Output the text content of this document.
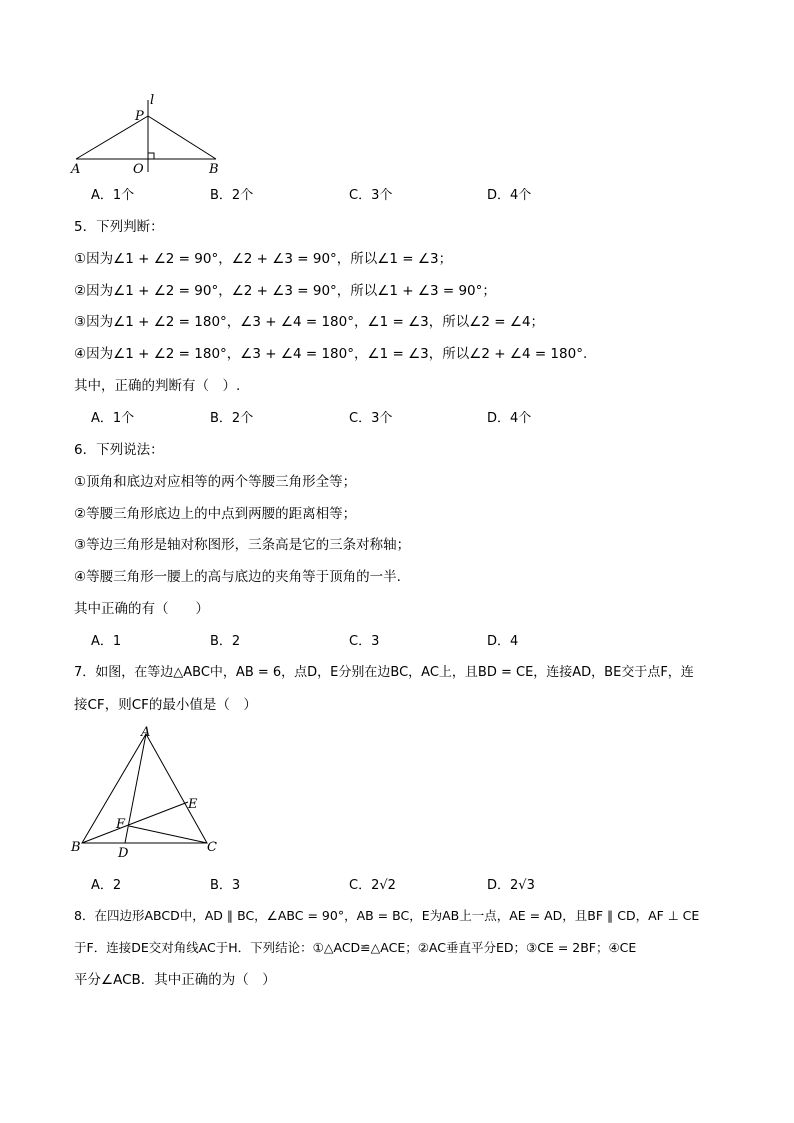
l
P
A	O	B
A．1个	B．2个	C．3个	D．4个
5．下列判断：
①因为∠1 + ∠2 = 90°，∠2 + ∠3 = 90°，所以∠1 = ∠3；
②因为∠1 + ∠2 = 90°，∠2 + ∠3 = 90°，所以∠1 + ∠3 = 90°；
③因为∠1 + ∠2 = 180°，∠3 + ∠4 = 180°，∠1 = ∠3，所以∠2 = ∠4；
④因为∠1 + ∠2 = 180°，∠3 + ∠4 = 180°，∠1 = ∠3，所以∠2 + ∠4 = 180°.
其中，正确的判断有（　）.
A．1个	B．2个	C．3个	D．4个
6．下列说法：
①顶角和底边对应相等的两个等腰三角形全等；
②等腰三角形底边上的中点到两腰的距离相等；
③等边三角形是轴对称图形，三条高是它的三条对称轴；
④等腰三角形一腰上的高与底边的夹角等于顶角的一半.
其中正确的有（　　）
A．1	B．2	C．3	D．4
7．如图，在等边△ABC中，AB = 6，点D，E分别在边BC，AC上，且BD = CE，连接AD，BE交于点F，连
接CF，则CF的最小值是（　）
A
B	C
D
E
F
A．2	B．3	C．2√2	D．2√3
8．在四边形ABCD中，AD ∥ BC，∠ABC = 90°，AB = BC，E为AB上一点，AE = AD，且BF ∥ CD，AF ⊥ CE
于F．连接DE交对角线AC于H．下列结论：①△ACD≌△ACE；②AC垂直平分ED；③CE = 2BF；④CE
平分∠ACB．其中正确的为（　）
